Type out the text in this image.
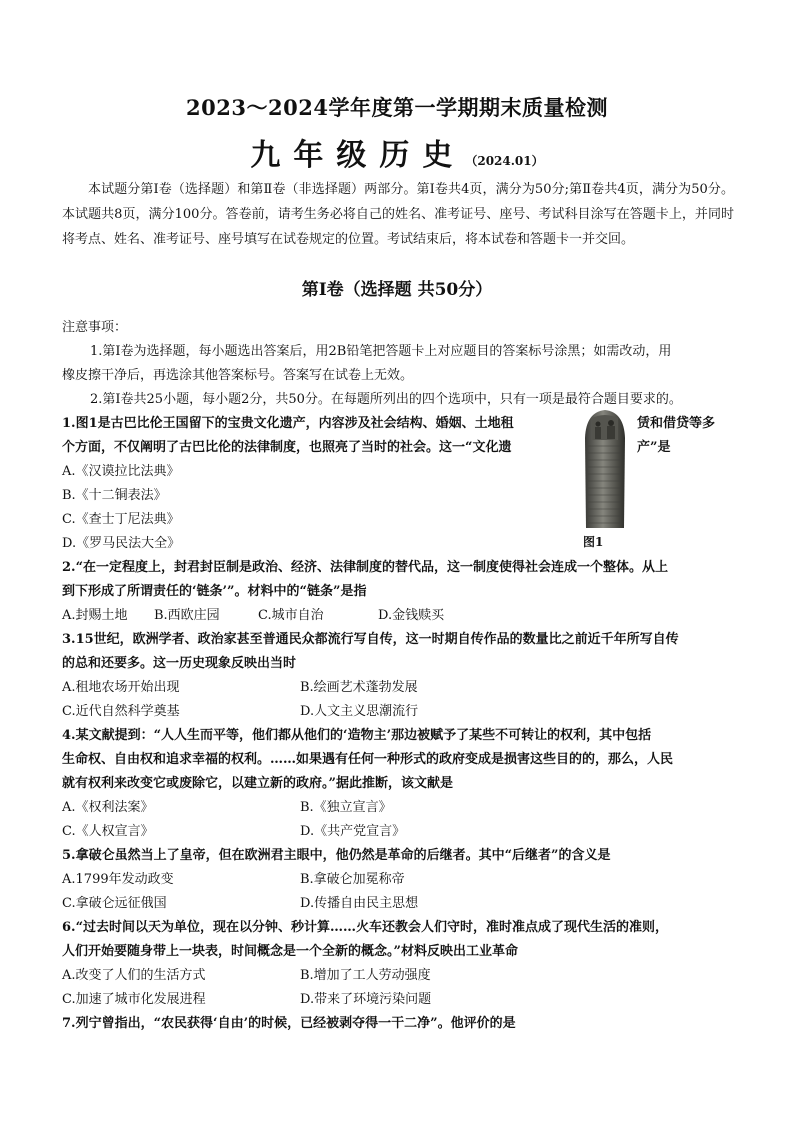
2023～2024学年度第一学期期末质量检测
九年级历史（2024.01）
本试题分第Ⅰ卷（选择题）和第Ⅱ卷（非选择题）两部分。第Ⅰ卷共4页，满分为50分;第Ⅱ卷共4页，满分为50分。本试题共8页，满分100分。答卷前，请考生务必将自己的姓名、准考证号、座号、考试科目涂写在答题卡上，并同时将考点、姓名、准考证号、座号填写在试卷规定的位置。考试结束后，将本试卷和答题卡一并交回。
第Ⅰ卷（选择题 共50分）
注意事项：
1.第Ⅰ卷为选择题，每小题选出答案后，用2B铅笔把答题卡上对应题目的答案标号涂黑；如需改动，用
橡皮擦干净后，再选涂其他答案标号。答案写在试卷上无效。
2.第Ⅰ卷共25小题，每小题2分，共50分。在每题所列出的四个选项中，只有一项是最符合题目要求的。
1.图1是古巴比伦王国留下的宝贵文化遗产，内容涉及社会结构、婚姻、土地租	赁和借贷等多
个方面，不仅阐明了古巴比伦的法律制度，也照亮了当时的社会。这一“文化遗	产”是
A.《汉谟拉比法典》
B.《十二铜表法》
C.《查士丁尼法典》
D.《罗马民法大全》	图1
2.“在一定程度上，封君封臣制是政治、经济、法律制度的替代品，这一制度使得社会连成一个整体。从上
到下形成了所谓责任的‘链条’”。材料中的“链条”是指
A.封赐土地 B.西欧庄园	C.城市自治	D.金钱赎买
3.15世纪，欧洲学者、政治家甚至普通民众都流行写自传，这一时期自传作品的数量比之前近千年所写自传
的总和还要多。这一历史现象反映出当时
A.租地农场开始出现	B.绘画艺术蓬勃发展
C.近代自然科学奠基	D.人文主义思潮流行
4.某文献提到：“人人生而平等，他们都从他们的‘造物主’那边被赋予了某些不可转让的权利，其中包括
生命权、自由权和追求幸福的权利。……如果遇有任何一种形式的政府变成是损害这些目的的，那么，人民
就有权利来改变它或废除它，以建立新的政府。”据此推断，该文献是
A.《权利法案》	B.《独立宣言》
C.《人权宣言》	D.《共产党宣言》
5.拿破仑虽然当上了皇帝，但在欧洲君主眼中，他仍然是革命的后继者。其中“后继者”的含义是
A.1799年发动政变	B.拿破仑加冕称帝
C.拿破仑远征俄国	D.传播自由民主思想
6.“过去时间以天为单位，现在以分钟、秒计算……火车还教会人们守时，准时准点成了现代生活的准则，
人们开始要随身带上一块表，时间概念是一个全新的概念。”材料反映出工业革命
A.改变了人们的生活方式	B.增加了工人劳动强度
C.加速了城市化发展进程	D.带来了环境污染问题
7.列宁曾指出，“农民获得‘自由’的时候，已经被剥夺得一干二净”。他评价的是
